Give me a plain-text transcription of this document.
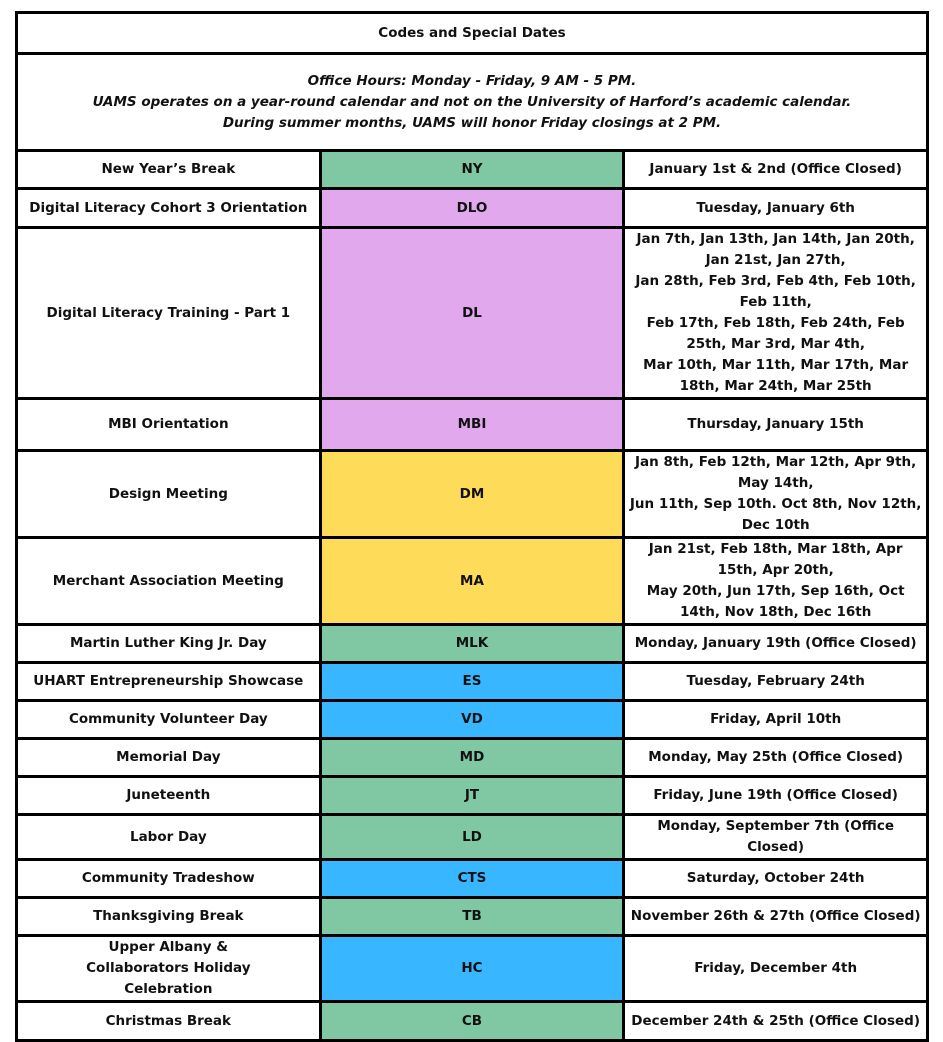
Codes and Special Dates		

Office Hours: Monday - Friday, 9 AM - 5 PM.
UAMS operates on a year-round calendar and not on the University of Harford’s academic calendar.
During summer months, UAMS will honor Friday closings at 2 PM.		

New Year’s Break	NY	January 1st & 2nd (Office Closed)

Digital Literacy Cohort 3 Orientation	DLO	Tuesday, January 6th

Digital Literacy Training - Part 1	DL	Jan 7th, Jan 13th, Jan 14th, Jan 20th, Jan 21st, Jan 27th,
Jan 28th, Feb 3rd, Feb 4th, Feb 10th, Feb 11th,
Feb 17th, Feb 18th, Feb 24th, Feb 25th, Mar 3rd, Mar 4th,
Mar 10th, Mar 11th, Mar 17th, Mar 18th, Mar 24th, Mar 25th

MBI Orientation	MBI	Thursday, January 15th

Design Meeting	DM	Jan 8th, Feb 12th, Mar 12th, Apr 9th, May 14th,
Jun 11th, Sep 10th. Oct 8th, Nov 12th, Dec 10th

Merchant Association Meeting	MA	Jan 21st, Feb 18th, Mar 18th, Apr 15th, Apr 20th,
May 20th, Jun 17th, Sep 16th, Oct 14th, Nov 18th, Dec 16th

Martin Luther King Jr. Day	MLK	Monday, January 19th (Office Closed)

UHART Entrepreneurship Showcase	ES	Tuesday, February 24th

Community Volunteer Day	VD	Friday, April 10th

Memorial Day	MD	Monday, May 25th (Office Closed)

Juneteenth	JT	Friday, June 19th (Office Closed)

Labor Day	LD	Monday, September 7th (Office Closed)

Community Tradeshow	CTS	Saturday, October 24th

Thanksgiving Break	TB	November 26th & 27th (Office Closed)

Upper Albany & Collaborators Holiday Celebration	HC	Friday, December 4th

Christmas Break	CB	December 24th & 25th (Office Closed)
